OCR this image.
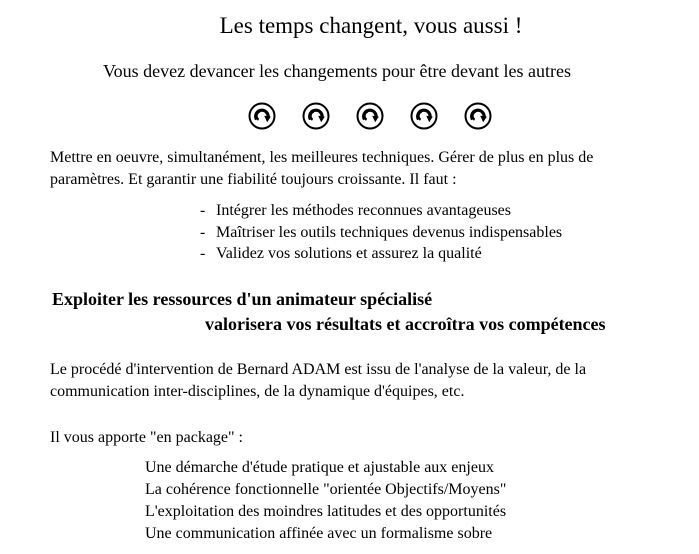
Les temps changent, vous aussi !
Vous devez devancer les changements pour être devant les autres
Mettre en oeuvre, simultanément, les meilleures techniques. Gérer de plus en plus de
paramètres. Et garantir une fiabilité toujours croissante. Il faut :
- Intégrer les méthodes reconnues avantageuses
- Maîtriser les outils techniques devenus indispensables
- Validez vos solutions et assurez la qualité
Exploiter les ressources d'un animateur spécialisé
valorisera vos résultats et accroîtra vos compétences
Le procédé d'intervention de Bernard ADAM est issu de l'analyse de la valeur, de la
communication inter-disciplines, de la dynamique d'équipes, etc.
Il vous apporte "en package" :
Une démarche d'étude pratique et ajustable aux enjeux
La cohérence fonctionnelle "orientée Objectifs/Moyens"
L'exploitation des moindres latitudes et des opportunités
Une communication affinée avec un formalisme sobre
